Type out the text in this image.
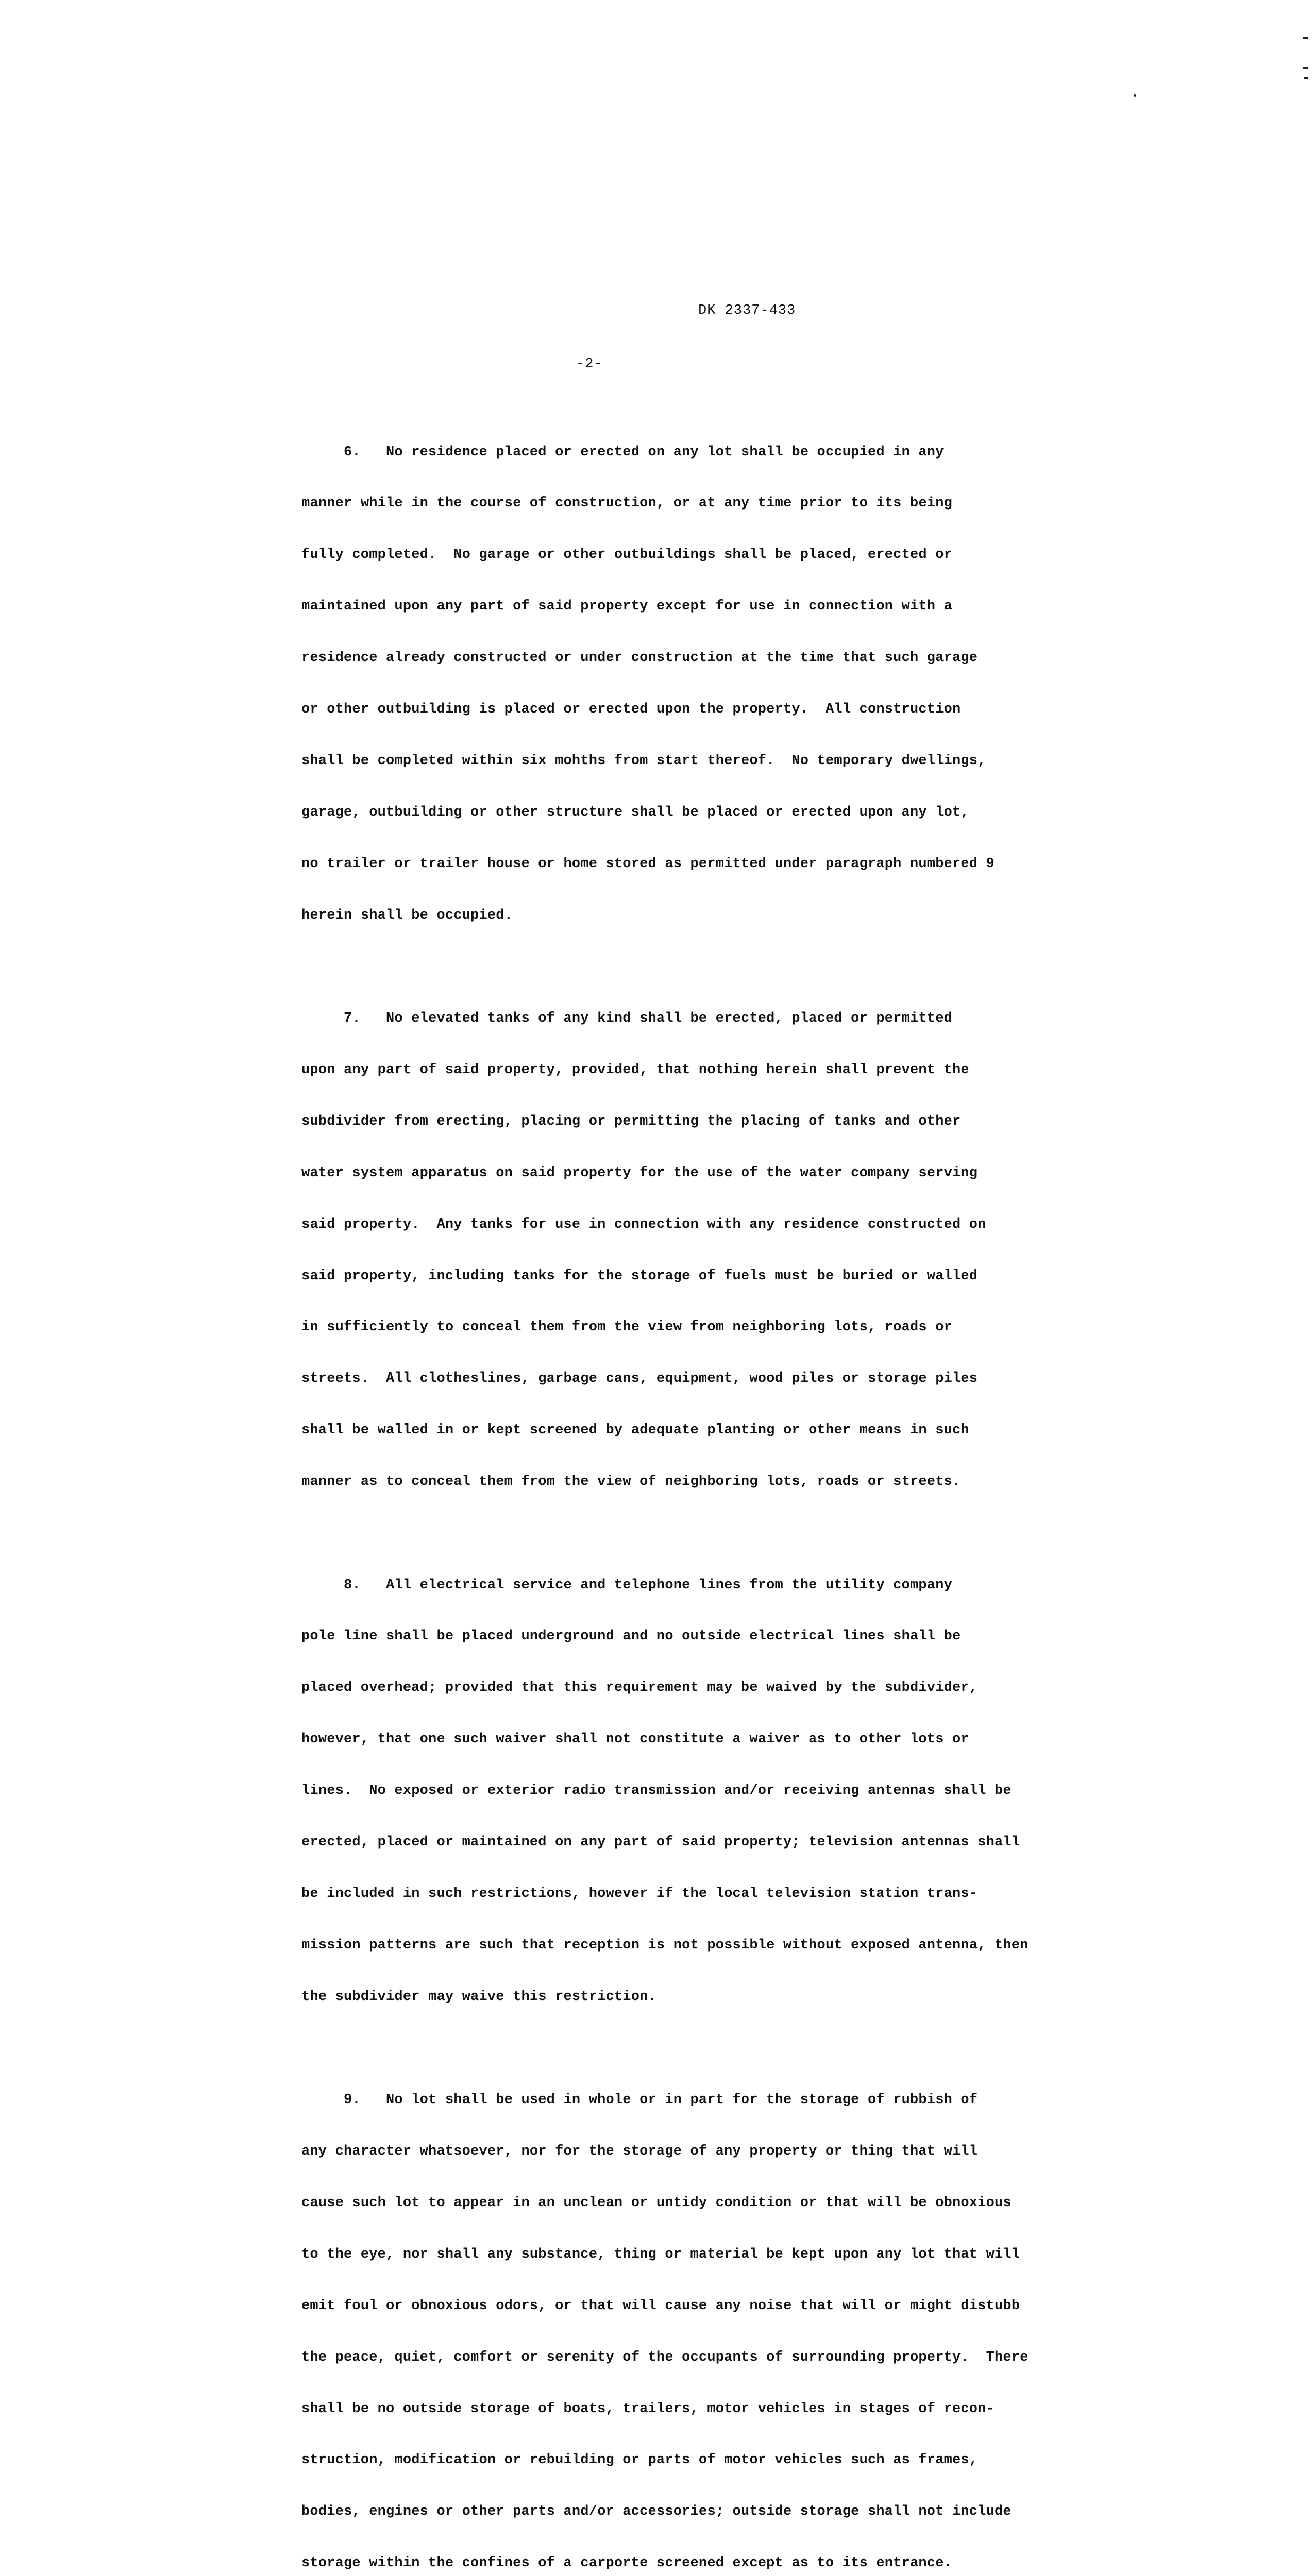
DK 2337-433
-2-

6.   No residence placed or erected on any lot shall be occupied in any

manner while in the course of construction, or at any time prior to its being

fully completed.  No garage or other outbuildings shall be placed, erected or

maintained upon any part of said property except for use in connection with a

residence already constructed or under construction at the time that such garage

or other outbuilding is placed or erected upon the property.  All construction

shall be completed within six mohths from start thereof.  No temporary dwellings,

garage, outbuilding or other structure shall be placed or erected upon any lot,

no trailer or trailer house or home stored as permitted under paragraph numbered 9

herein shall be occupied.

7.   No elevated tanks of any kind shall be erected, placed or permitted

upon any part of said property, provided, that nothing herein shall prevent the

subdivider from erecting, placing or permitting the placing of tanks and other

water system apparatus on said property for the use of the water company serving

said property.  Any tanks for use in connection with any residence constructed on

said property, including tanks for the storage of fuels must be buried or walled

in sufficiently to conceal them from the view from neighboring lots, roads or

streets.  All clotheslines, garbage cans, equipment, wood piles or storage piles

shall be walled in or kept screened by adequate planting or other means in such

manner as to conceal them from the view of neighboring lots, roads or streets.

8.   All electrical service and telephone lines from the utility company

pole line shall be placed underground and no outside electrical lines shall be

placed overhead; provided that this requirement may be waived by the subdivider,

however, that one such waiver shall not constitute a waiver as to other lots or

lines.  No exposed or exterior radio transmission and/or receiving antennas shall be

erected, placed or maintained on any part of said property; television antennas shall

be included in such restrictions, however if the local television station trans-

mission patterns are such that reception is not possible without exposed antenna, then

the subdivider may waive this restriction.

9.   No lot shall be used in whole or in part for the storage of rubbish of

any character whatsoever, nor for the storage of any property or thing that will

cause such lot to appear in an unclean or untidy condition or that will be obnoxious

to the eye, nor shall any substance, thing or material be kept upon any lot that will

emit foul or obnoxious odors, or that will cause any noise that will or might distubb

the peace, quiet, comfort or serenity of the occupants of surrounding property.  There

shall be no outside storage of boats, trailers, motor vehicles in stages of recon-

struction, modification or rebuilding or parts of motor vehicles such as frames,

bodies, engines or other parts and/or accessories; outside storage shall not include

storage within the confines of a carporte screened except as to its entrance.
